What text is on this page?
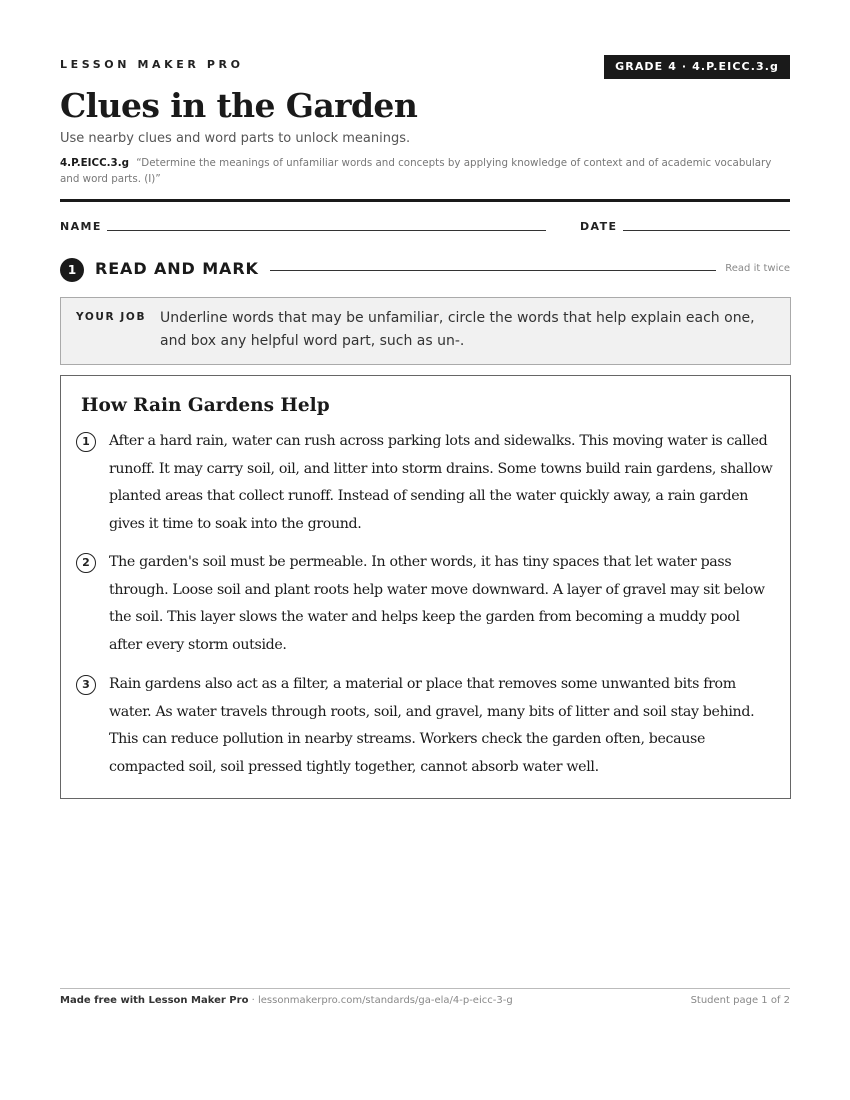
LESSON MAKER PRO	GRADE 4 · 4.P.EICC.3.g
Clues in the Garden
Use nearby clues and word parts to unlock meanings.
4.P.EICC.3.g “Determine the meanings of unfamiliar words and concepts by applying knowledge of context and of academic vocabulary and word parts. (I)”
NAME	DATE
1	READ AND MARK	Read it twice
YOUR JOB Underline words that may be unfamiliar, circle the words that help explain each one, and box any helpful word part, such as un-.
How Rain Gardens Help
1	After a hard rain, water can rush across parking lots and sidewalks. This moving water is called runoff. It may carry soil, oil, and litter into storm drains. Some towns build rain gardens, shallow planted areas that collect runoff. Instead of sending all the water quickly away, a rain garden gives it time to soak into the ground.

2	The garden's soil must be permeable. In other words, it has tiny spaces that let water pass through. Loose soil and plant roots help water move downward. A layer of gravel may sit below the soil. This layer slows the water and helps keep the garden from becoming a muddy pool after every storm outside.

3	Rain gardens also act as a filter, a material or place that removes some unwanted bits from water. As water travels through roots, soil, and gravel, many bits of litter and soil stay behind. This can reduce pollution in nearby streams. Workers check the garden often, because compacted soil, soil pressed tightly together, cannot absorb water well.

Made free with Lesson Maker Pro · lessonmakerpro.com/standards/ga-ela/4-p-eicc-3-g	Student page 1 of 2
